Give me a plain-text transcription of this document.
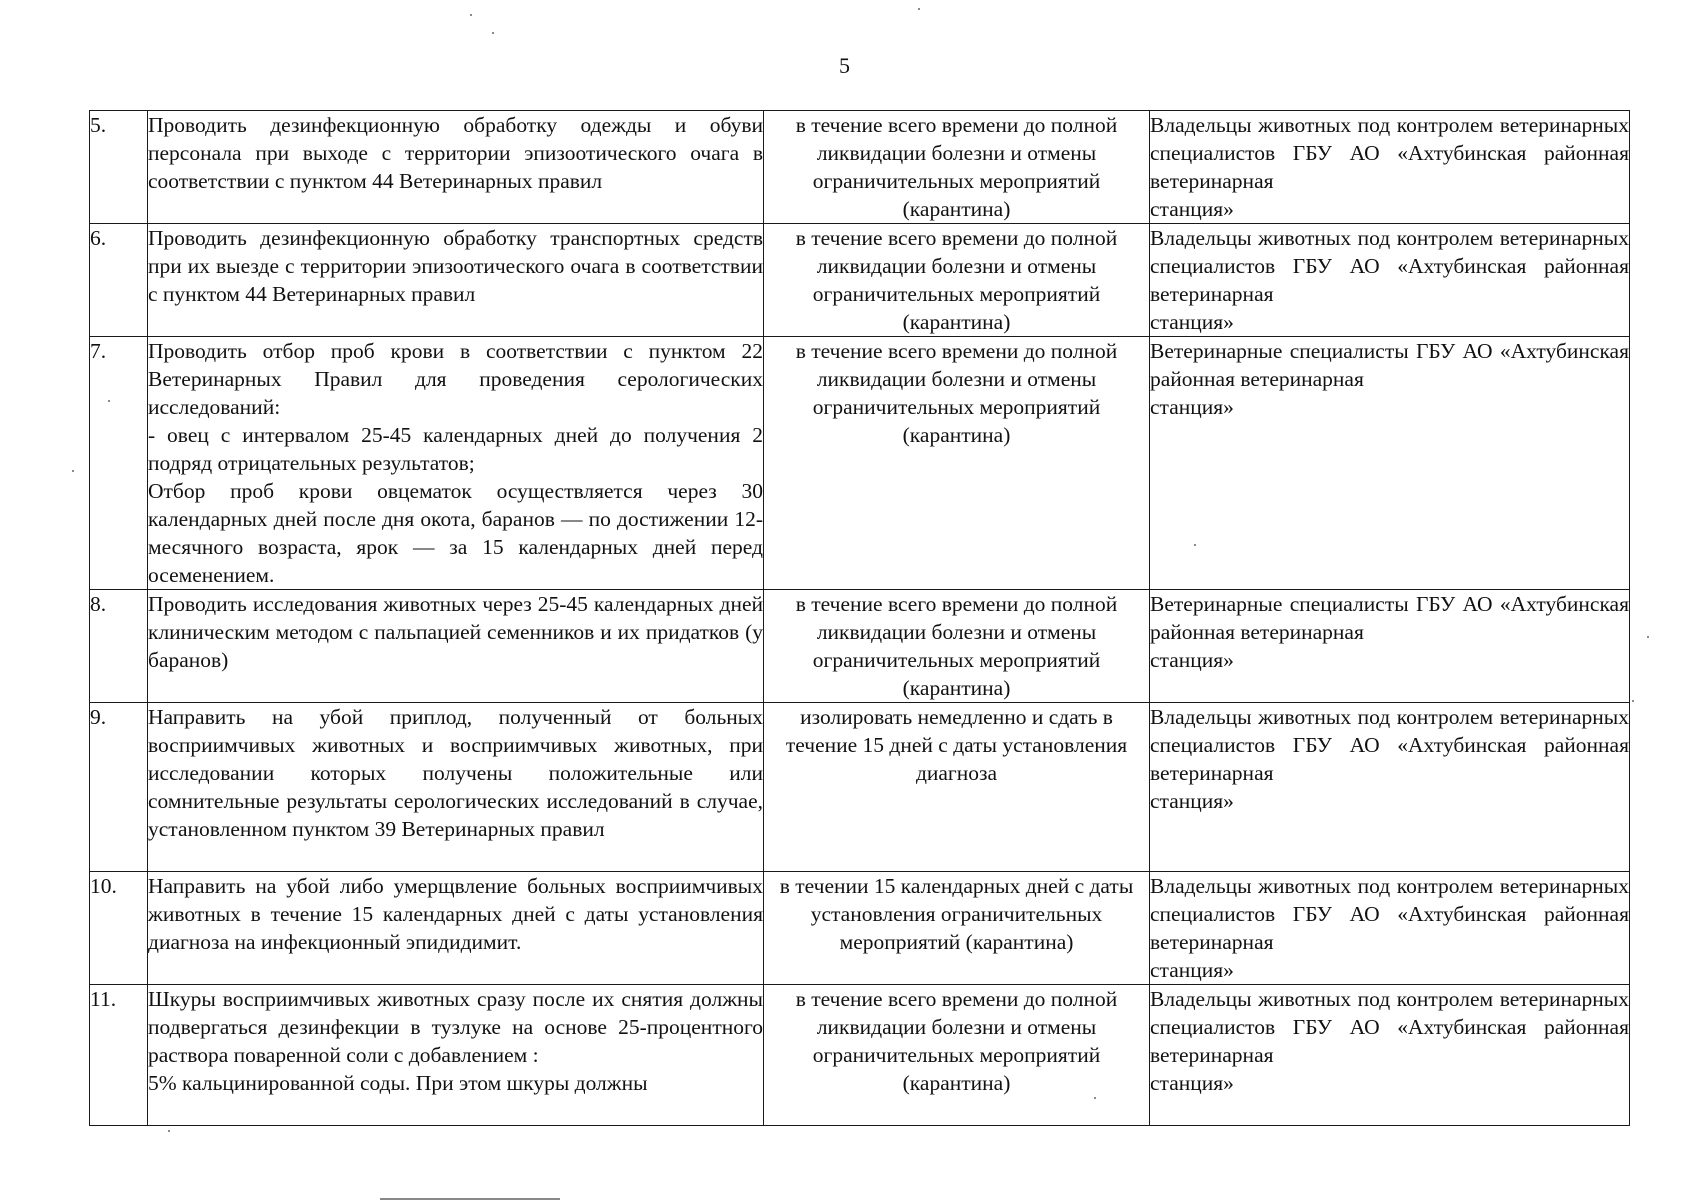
5
5.	Проводить дезинфекционную обработку одежды и обуви персонала при выходе с территории эпизоотического очага в соответствии с пунктом 44 Ветеринарных правил	в течение всего времени до полной ликвидации болезни и отмены ограничительных мероприятий (карантина)	Владельцы животных под контролем ветеринарных специалистов ГБУ АО «Ахтубинская районная ветеринарная
станция»

6.	Проводить дезинфекционную обработку транспортных средств при их выезде с территории эпизоотического очага в соответствии с пунктом 44 Ветеринарных правил	в течение всего времени до полной ликвидации болезни и отмены ограничительных мероприятий (карантина)	Владельцы животных под контролем ветеринарных специалистов ГБУ АО «Ахтубинская районная ветеринарная
станция»

7.	Проводить отбор проб крови в соответствии с пунктом 22 Ветеринарных Правил для проведения серологических исследований:
- овец с интервалом 25-45 календарных дней до получения 2 подряд отрицательных результатов;
Отбор проб крови овцематок осуществляется через 30 календарных дней после дня окота, баранов — по достижении 12-месячного возраста, ярок — за 15 календарных дней перед осеменением.	в течение всего времени до полной ликвидации болезни и отмены ограничительных мероприятий (карантина)	Ветеринарные специалисты ГБУ АО «Ахтубинская районная ветеринарная
станция»

8.	Проводить исследования животных через 25-45 календарных дней клиническим методом с пальпацией семенников и их придатков (у баранов)	в течение всего времени до полной ликвидации болезни и отмены ограничительных мероприятий (карантина)	Ветеринарные специалисты ГБУ АО «Ахтубинская районная ветеринарная
станция»

9.	Направить на убой приплод, полученный от больных восприимчивых животных и восприимчивых животных, при исследовании которых получены положительные или сомнительные результаты серологических исследований в случае, установленном пунктом 39 Ветеринарных правил	изолировать немедленно и сдать в течение 15 дней с даты установления диагноза	Владельцы животных под контролем ветеринарных специалистов ГБУ АО «Ахтубинская районная ветеринарная
станция»

10.	Направить на убой либо умерщвление больных восприимчивых животных в течение 15 календарных дней с даты установления диагноза на инфекционный эпидидимит.	в течении 15 календарных дней с даты установления ограничительных мероприятий (карантина)	Владельцы животных под контролем ветеринарных специалистов ГБУ АО «Ахтубинская районная ветеринарная
станция»

11.	Шкуры восприимчивых животных сразу после их снятия должны подвергаться дезинфекции в тузлуке на основе 25-процентного раствора поваренной соли с добавлением :
5% кальцинированной соды. При этом шкуры должны	в течение всего времени до полной ликвидации болезни и отмены ограничительных мероприятий (карантина)	Владельцы животных под контролем ветеринарных специалистов ГБУ АО «Ахтубинская районная ветеринарная
станция»
